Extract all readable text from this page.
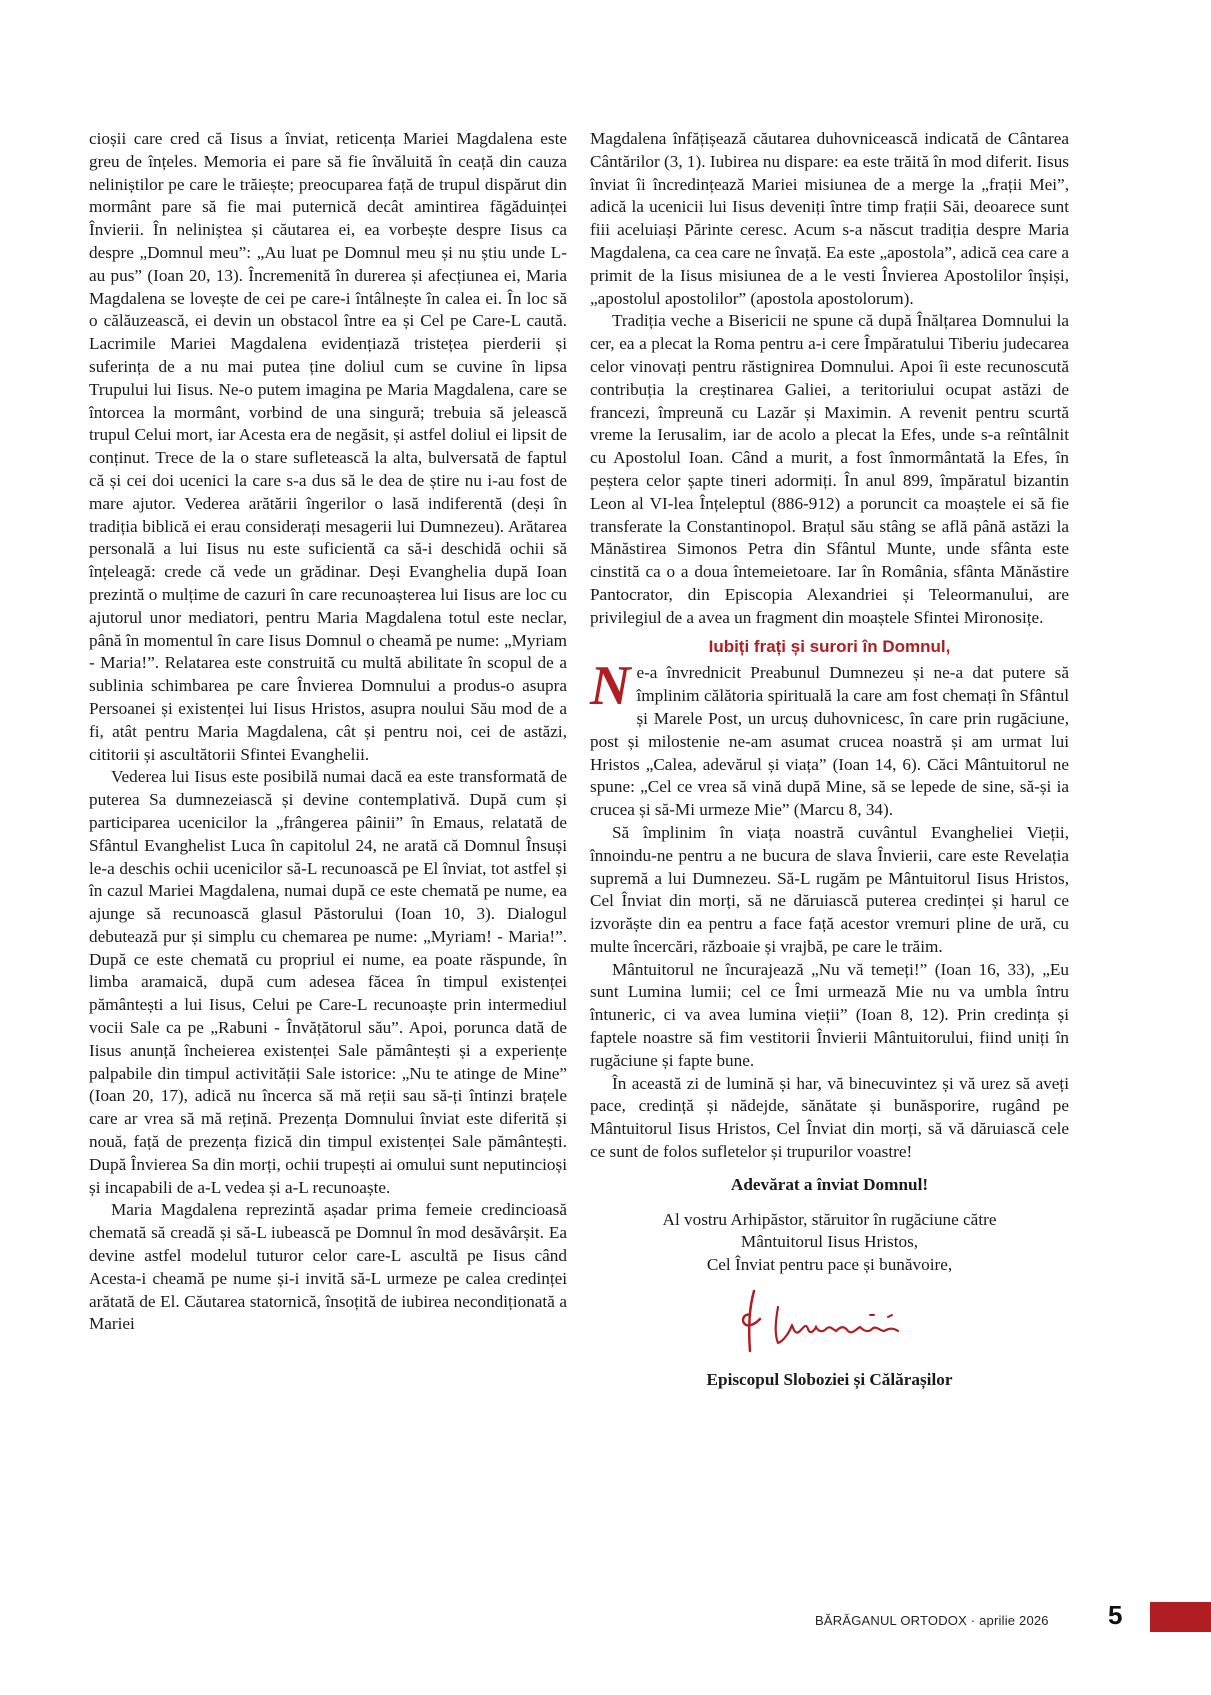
cioșii care cred că Iisus a înviat, reticența Mariei Magdalena este greu de înțeles. Memoria ei pare să fie învăluită în ceață din cauza neliniștilor pe care le trăiește; preocuparea față de trupul dispărut din mormânt pare să fie mai puternică decât amintirea făgăduinței Învierii. În neliniștea și căutarea ei, ea vorbește despre Iisus ca despre „Domnul meu”: „Au luat pe Domnul meu și nu știu unde L-au pus” (Ioan 20, 13). Încremenită în durerea și afecțiunea ei, Maria Magdalena se lovește de cei pe care-i întâlnește în calea ei. În loc să o călăuzească, ei devin un obstacol între ea și Cel pe Care-L caută. Lacrimile Mariei Magdalena evidențiază tristețea pierderii și suferința de a nu mai putea ține doliul cum se cuvine în lipsa Trupului lui Iisus. Ne-o putem imagina pe Maria Magdalena, care se întorcea la mormânt, vorbind de una singură; trebuia să jelească trupul Celui mort, iar Acesta era de negăsit, și astfel doliul ei lipsit de conținut. Trece de la o stare sufletească la alta, bulversată de faptul că și cei doi ucenici la care s-a dus să le dea de știre nu i-au fost de mare ajutor. Vederea arătării îngerilor o lasă indiferentă (deși în tradiția biblică ei erau considerați mesagerii lui Dumnezeu). Arătarea personală a lui Iisus nu este suficientă ca să-i deschidă ochii să înțeleagă: crede că vede un grădinar. Deși Evanghelia după Ioan prezintă o mulțime de cazuri în care recunoașterea lui Iisus are loc cu ajutorul unor mediatori, pentru Maria Magdalena totul este neclar, până în momentul în care Iisus Domnul o cheamă pe nume: „Myriam - Maria!”. Relatarea este construită cu multă abilitate în scopul de a sublinia schimbarea pe care Învierea Domnului a produs-o asupra Persoanei și existenței lui Iisus Hristos, asupra noului Său mod de a fi, atât pentru Maria Magdalena, cât și pentru noi, cei de astăzi, cititorii și ascultătorii Sfintei Evanghelii.

Vederea lui Iisus este posibilă numai dacă ea este transformată de puterea Sa dumnezeiască și devine contemplativă. După cum și participarea ucenicilor la „frângerea pâinii” în Emaus, relatată de Sfântul Evanghelist Luca în capitolul 24, ne arată că Domnul Însuși le-a deschis ochii ucenicilor să-L recunoască pe El înviat, tot astfel și în cazul Mariei Magdalena, numai după ce este chemată pe nume, ea ajunge să recunoască glasul Păstorului (Ioan 10, 3). Dialogul debutează pur și simplu cu chemarea pe nume: „Myriam! - Maria!”. După ce este chemată cu propriul ei nume, ea poate răspunde, în limba aramaică, după cum adesea făcea în timpul existenței pământești a lui Iisus, Celui pe Care-L recunoaște prin intermediul vocii Sale ca pe „Rabuni - Învățătorul său”. Apoi, porunca dată de Iisus anunță încheierea existenței Sale pământești și a experiențe palpabile din timpul activității Sale istorice: „Nu te atinge de Mine” (Ioan 20, 17), adică nu încerca să mă reții sau să-ți întinzi brațele care ar vrea să mă rețină. Prezența Domnului înviat este diferită și nouă, față de prezența fizică din timpul existenței Sale pământești. După Învierea Sa din morți, ochii trupești ai omului sunt neputincioși și incapabili de a-L vedea și a-L recunoaște.

Maria Magdalena reprezintă așadar prima femeie credincioasă chemată să creadă și să-L iubească pe Domnul în mod desăvârșit. Ea devine astfel modelul tuturor celor care-L ascultă pe Iisus când Acesta-i cheamă pe nume și-i invită să-L urmeze pe calea credinței arătată de El. Căutarea statornică, însoțită de iubirea necondiționată a Mariei

Magdalena înfățișează căutarea duhovnicească indicată de Cântarea Cântărilor (3, 1). Iubirea nu dispare: ea este trăită în mod diferit. Iisus înviat îi încredințează Mariei misiunea de a merge la „frații Mei”, adică la ucenicii lui Iisus deveniți între timp frații Săi, deoarece sunt fiii aceluiași Părinte ceresc. Acum s-a născut tradiția despre Maria Magdalena, ca cea care ne învață. Ea este „apostola”, adică cea care a primit de la Iisus misiunea de a le vesti Învierea Apostolilor înșiși, „apostolul apostolilor” (apostola apostolorum).

Tradiția veche a Bisericii ne spune că după Înălțarea Domnului la cer, ea a plecat la Roma pentru a-i cere Împăratului Tiberiu judecarea celor vinovați pentru răstignirea Domnului. Apoi îi este recunoscută contribuția la creștinarea Galiei, a teritoriului ocupat astăzi de francezi, împreună cu Lazăr și Maximin. A revenit pentru scurtă vreme la Ierusalim, iar de acolo a plecat la Efes, unde s-a reîntâlnit cu Apostolul Ioan. Când a murit, a fost înmormântată la Efes, în peștera celor șapte tineri adormiți. În anul 899, împăratul bizantin Leon al VI-lea Înțeleptul (886-912) a poruncit ca moaștele ei să fie transferate la Constantinopol. Brațul său stâng se află până astăzi la Mănăstirea Simonos Petra din Sfântul Munte, unde sfânta este cinstită ca o a doua întemeietoare. Iar în România, sfânta Mănăstire Pantocrator, din Episcopia Alexandriei și Teleormanului, are privilegiul de a avea un fragment din moaștele Sfintei Mironosițe.

Iubiți frați și surori în Domnul,

Ne-a învrednicit Preabunul Dumnezeu și ne-a dat putere să împlinim călătoria spirituală la care am fost chemați în Sfântul și Marele Post, un urcuș duhovnicesc, în care prin rugăciune, post și milostenie ne-am asumat crucea noastră și am urmat lui Hristos „Calea, adevărul și viața” (Ioan 14, 6). Căci Mântuitorul ne spune: „Cel ce vrea să vină după Mine, să se lepede de sine, să-și ia crucea și să-Mi urmeze Mie” (Marcu 8, 34).

Să împlinim în viața noastră cuvântul Evangheliei Vieții, înnoindu-ne pentru a ne bucura de slava Învierii, care este Revelația supremă a lui Dumnezeu. Să-L rugăm pe Mântuitorul Iisus Hristos, Cel Înviat din morți, să ne dăruiască puterea credinței și harul ce izvorăște din ea pentru a face față acestor vremuri pline de ură, cu multe încercări, războaie și vrajbă, pe care le trăim.

Mântuitorul ne încurajează „Nu vă temeți!” (Ioan 16, 33), „Eu sunt Lumina lumii; cel ce Îmi urmează Mie nu va umbla întru întuneric, ci va avea lumina vieții” (Ioan 8, 12). Prin credința și faptele noastre să fim vestitorii Învierii Mântuitorului, fiind uniți în rugăciune și fapte bune.

În această zi de lumină și har, vă binecuvintez și vă urez să aveți pace, credință și nădejde, sănătate și bunăsporire, rugând pe Mântuitorul Iisus Hristos, Cel Înviat din morți, să vă dăruiască cele ce sunt de folos sufletelor și trupurilor voastre!

Adevărat a înviat Domnul!

Al vostru Arhipăstor, stăruitor în rugăciune către

Mântuitorul Iisus Hristos,

Cel Înviat pentru pace și bunăvoire,

Episcopul Sloboziei și Călărașilor

BĂRĂGANUL ORTODOX · aprilie 2026 5
